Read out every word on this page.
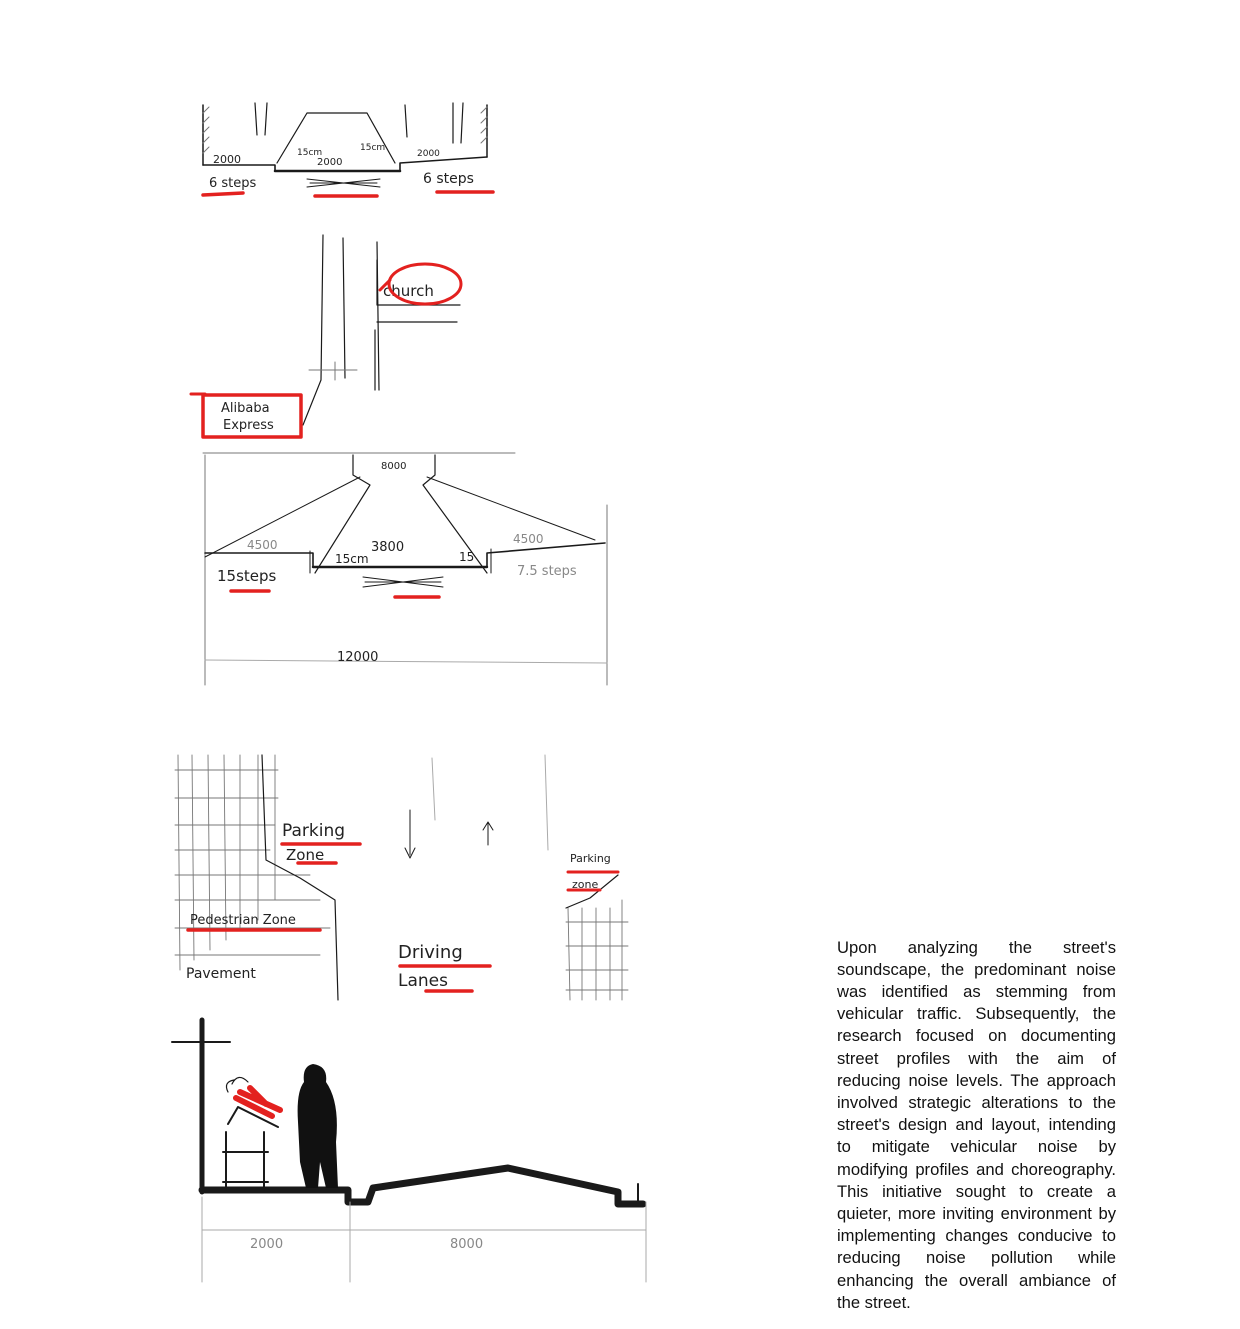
2000	15cm
2000
15cm
2000
6 steps	6 steps
church
Alibaba
Express
8000
4500	3800
15cm	15
4500
15steps	7.5 steps
12000
Parking
Zone
Pedestrian Zone
Pavement
Driving
Lanes
Parking
zone
2000	8000

Upon analyzing the street's soundscape, the predominant noise was identified as stemming from vehicular traffic. Subsequently, the research focused on documenting street profiles with the aim of reducing noise levels. The approach involved strategic alterations to the street's design and layout, intending to mitigate vehicular noise by modifying profiles and choreography. This initiative sought to create a quieter, more inviting environment by implementing changes conducive to reducing noise pollution while enhancing the overall ambiance of the street.
